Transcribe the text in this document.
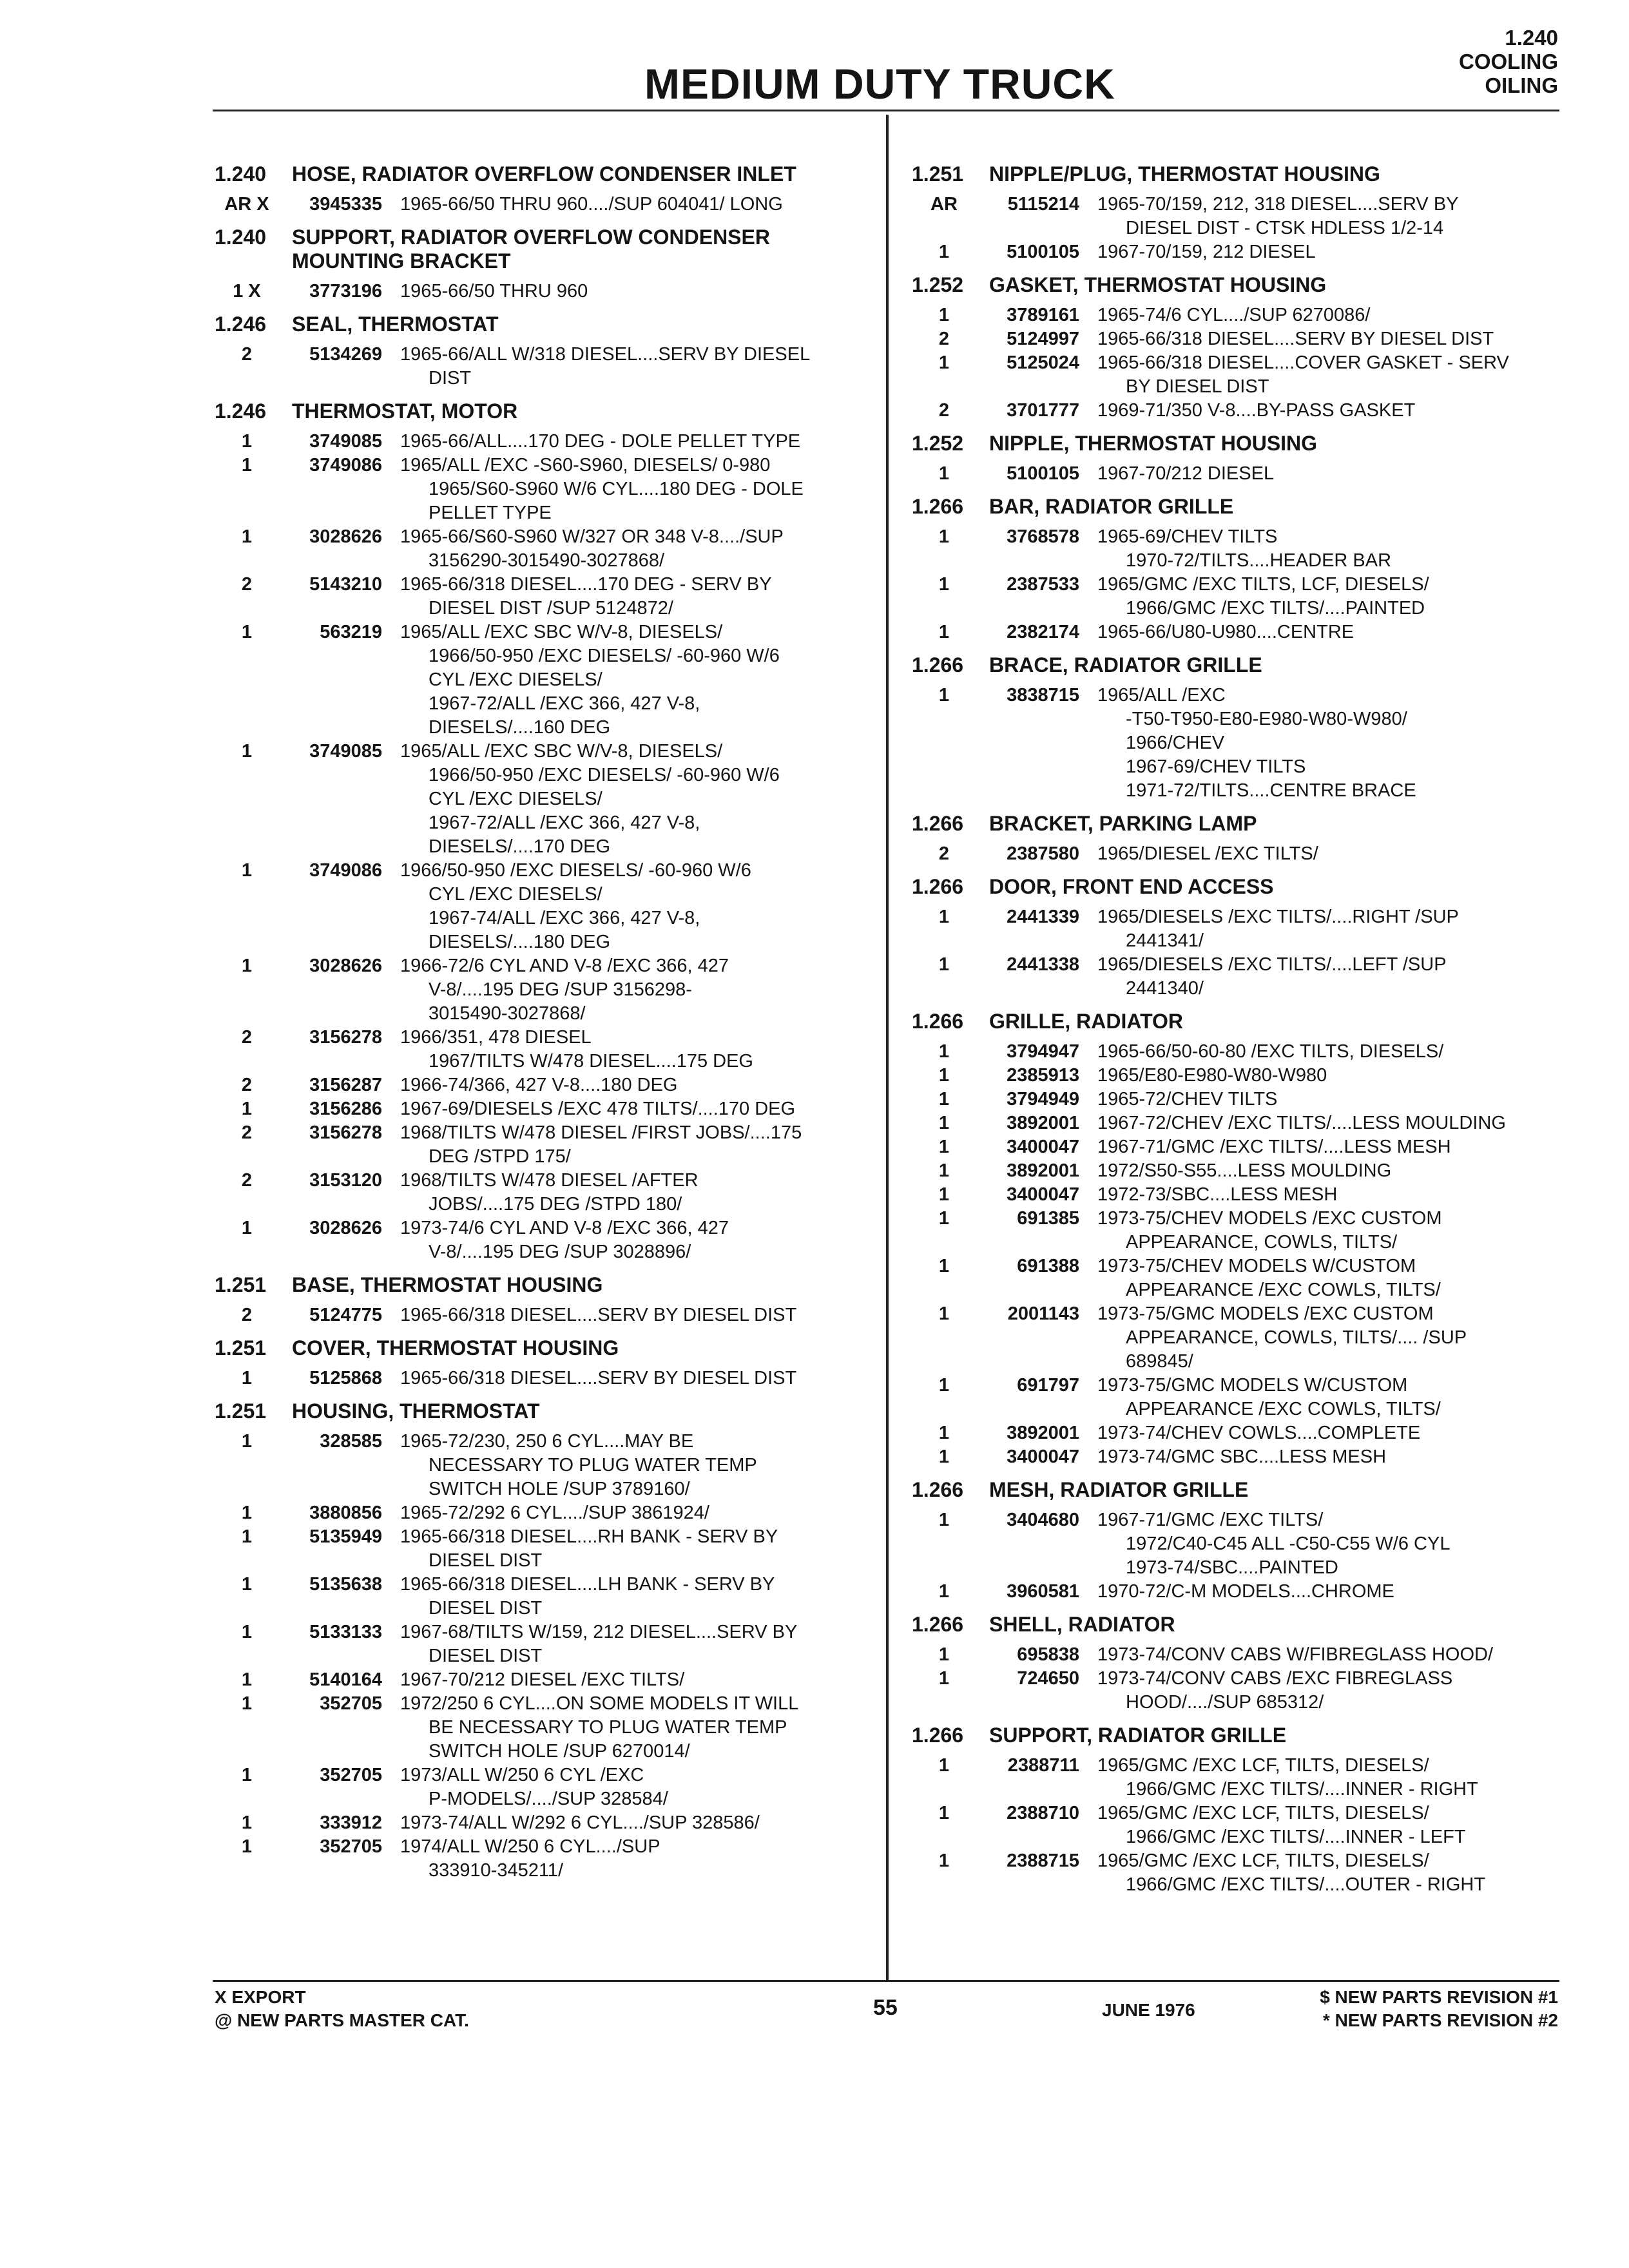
MEDIUM DUTY TRUCK
1.240
COOLING
OILING
1.240	HOSE, RADIATOR OVERFLOW CONDENSER INLET
AR X	3945335 1965-66/50 THRU 960..../SUP 604041/ LONG
1.240	SUPPORT, RADIATOR OVERFLOW CONDENSER MOUNTING BRACKET
1 X	3773196 1965-66/50 THRU 960
1.246	SEAL, THERMOSTAT
2	5134269 1965-66/ALL W/318 DIESEL....SERV BY DIESEL
DIST
1.246	THERMOSTAT, MOTOR
1	3749085 1965-66/ALL....170 DEG - DOLE PELLET TYPE
1	3749086 1965/ALL /EXC -S60-S960, DIESELS/ 0-980
1965/S60-S960 W/6 CYL....180 DEG - DOLE
PELLET TYPE
1	3028626 1965-66/S60-S960 W/327 OR 348 V-8..../SUP
3156290-3015490-3027868/
2	5143210 1965-66/318 DIESEL....170 DEG - SERV BY
DIESEL DIST /SUP 5124872/
1	563219 1965/ALL /EXC SBC W/V-8, DIESELS/
1966/50-950 /EXC DIESELS/ -60-960 W/6
CYL /EXC DIESELS/
1967-72/ALL /EXC 366, 427 V-8,
DIESELS/....160 DEG
1	3749085 1965/ALL /EXC SBC W/V-8, DIESELS/
1966/50-950 /EXC DIESELS/ -60-960 W/6
CYL /EXC DIESELS/
1967-72/ALL /EXC 366, 427 V-8,
DIESELS/....170 DEG
1	3749086 1966/50-950 /EXC DIESELS/ -60-960 W/6
CYL /EXC DIESELS/
1967-74/ALL /EXC 366, 427 V-8,
DIESELS/....180 DEG
1	3028626 1966-72/6 CYL AND V-8 /EXC 366, 427
V-8/....195 DEG /SUP 3156298-
3015490-3027868/
2	3156278 1966/351, 478 DIESEL
1967/TILTS W/478 DIESEL....175 DEG
2	3156287 1966-74/366, 427 V-8....180 DEG
1	3156286 1967-69/DIESELS /EXC 478 TILTS/....170 DEG
2	3156278 1968/TILTS W/478 DIESEL /FIRST JOBS/....175
DEG /STPD 175/
2	3153120 1968/TILTS W/478 DIESEL /AFTER
JOBS/....175 DEG /STPD 180/
1	3028626 1973-74/6 CYL AND V-8 /EXC 366, 427
V-8/....195 DEG /SUP 3028896/
1.251	BASE, THERMOSTAT HOUSING
2	5124775 1965-66/318 DIESEL....SERV BY DIESEL DIST
1.251	COVER, THERMOSTAT HOUSING
1	5125868 1965-66/318 DIESEL....SERV BY DIESEL DIST
1.251	HOUSING, THERMOSTAT
1	328585 1965-72/230, 250 6 CYL....MAY BE
NECESSARY TO PLUG WATER TEMP
SWITCH HOLE /SUP 3789160/
1	3880856 1965-72/292 6 CYL..../SUP 3861924/
1	5135949 1965-66/318 DIESEL....RH BANK - SERV BY
DIESEL DIST
1	5135638 1965-66/318 DIESEL....LH BANK - SERV BY
DIESEL DIST
1	5133133 1967-68/TILTS W/159, 212 DIESEL....SERV BY
DIESEL DIST
1	5140164 1967-70/212 DIESEL /EXC TILTS/
1	352705 1972/250 6 CYL....ON SOME MODELS IT WILL
BE NECESSARY TO PLUG WATER TEMP
SWITCH HOLE /SUP 6270014/
1	352705 1973/ALL W/250 6 CYL /EXC
P-MODELS/..../SUP 328584/
1	333912 1973-74/ALL W/292 6 CYL..../SUP 328586/
1	352705 1974/ALL W/250 6 CYL..../SUP
333910-345211/
1.251	NIPPLE/PLUG, THERMOSTAT HOUSING
AR	5115214 1965-70/159, 212, 318 DIESEL....SERV BY
DIESEL DIST - CTSK HDLESS 1/2-14
1	5100105 1967-70/159, 212 DIESEL
1.252	GASKET, THERMOSTAT HOUSING
1	3789161 1965-74/6 CYL..../SUP 6270086/
2	5124997 1965-66/318 DIESEL....SERV BY DIESEL DIST
1	5125024 1965-66/318 DIESEL....COVER GASKET - SERV
BY DIESEL DIST
2	3701777 1969-71/350 V-8....BY-PASS GASKET
1.252	NIPPLE, THERMOSTAT HOUSING
1	5100105 1967-70/212 DIESEL
1.266	BAR, RADIATOR GRILLE
1	3768578 1965-69/CHEV TILTS
1970-72/TILTS....HEADER BAR
1	2387533 1965/GMC /EXC TILTS, LCF, DIESELS/
1966/GMC /EXC TILTS/....PAINTED
1	2382174 1965-66/U80-U980....CENTRE
1.266	BRACE, RADIATOR GRILLE
1	3838715 1965/ALL /EXC
-T50-T950-E80-E980-W80-W980/
1966/CHEV
1967-69/CHEV TILTS
1971-72/TILTS....CENTRE BRACE
1.266	BRACKET, PARKING LAMP
2	2387580 1965/DIESEL /EXC TILTS/
1.266	DOOR, FRONT END ACCESS
1	2441339 1965/DIESELS /EXC TILTS/....RIGHT /SUP
2441341/
1	2441338 1965/DIESELS /EXC TILTS/....LEFT /SUP
2441340/
1.266	GRILLE, RADIATOR
1	3794947 1965-66/50-60-80 /EXC TILTS, DIESELS/
1	2385913 1965/E80-E980-W80-W980
1	3794949 1965-72/CHEV TILTS
1	3892001 1967-72/CHEV /EXC TILTS/....LESS MOULDING
1	3400047 1967-71/GMC /EXC TILTS/....LESS MESH
1	3892001 1972/S50-S55....LESS MOULDING
1	3400047 1972-73/SBC....LESS MESH
1	691385 1973-75/CHEV MODELS /EXC CUSTOM
APPEARANCE, COWLS, TILTS/
1	691388 1973-75/CHEV MODELS W/CUSTOM
APPEARANCE /EXC COWLS, TILTS/
1	2001143 1973-75/GMC MODELS /EXC CUSTOM
APPEARANCE, COWLS, TILTS/.... /SUP
689845/
1	691797 1973-75/GMC MODELS W/CUSTOM
APPEARANCE /EXC COWLS, TILTS/
1	3892001 1973-74/CHEV COWLS....COMPLETE
1	3400047 1973-74/GMC SBC....LESS MESH
1.266	MESH, RADIATOR GRILLE
1	3404680 1967-71/GMC /EXC TILTS/
1972/C40-C45 ALL -C50-C55 W/6 CYL
1973-74/SBC....PAINTED
1	3960581 1970-72/C-M MODELS....CHROME
1.266	SHELL, RADIATOR
1	695838 1973-74/CONV CABS W/FIBREGLASS HOOD/
1	724650 1973-74/CONV CABS /EXC FIBREGLASS
HOOD/..../SUP 685312/
1.266	SUPPORT, RADIATOR GRILLE
1	2388711 1965/GMC /EXC LCF, TILTS, DIESELS/
1966/GMC /EXC TILTS/....INNER - RIGHT
1	2388710 1965/GMC /EXC LCF, TILTS, DIESELS/
1966/GMC /EXC TILTS/....INNER - LEFT
1	2388715 1965/GMC /EXC LCF, TILTS, DIESELS/
1966/GMC /EXC TILTS/....OUTER - RIGHT
X EXPORT
@ NEW PARTS MASTER CAT.
55	JUNE 1976
$ NEW PARTS REVISION #1
* NEW PARTS REVISION #2
